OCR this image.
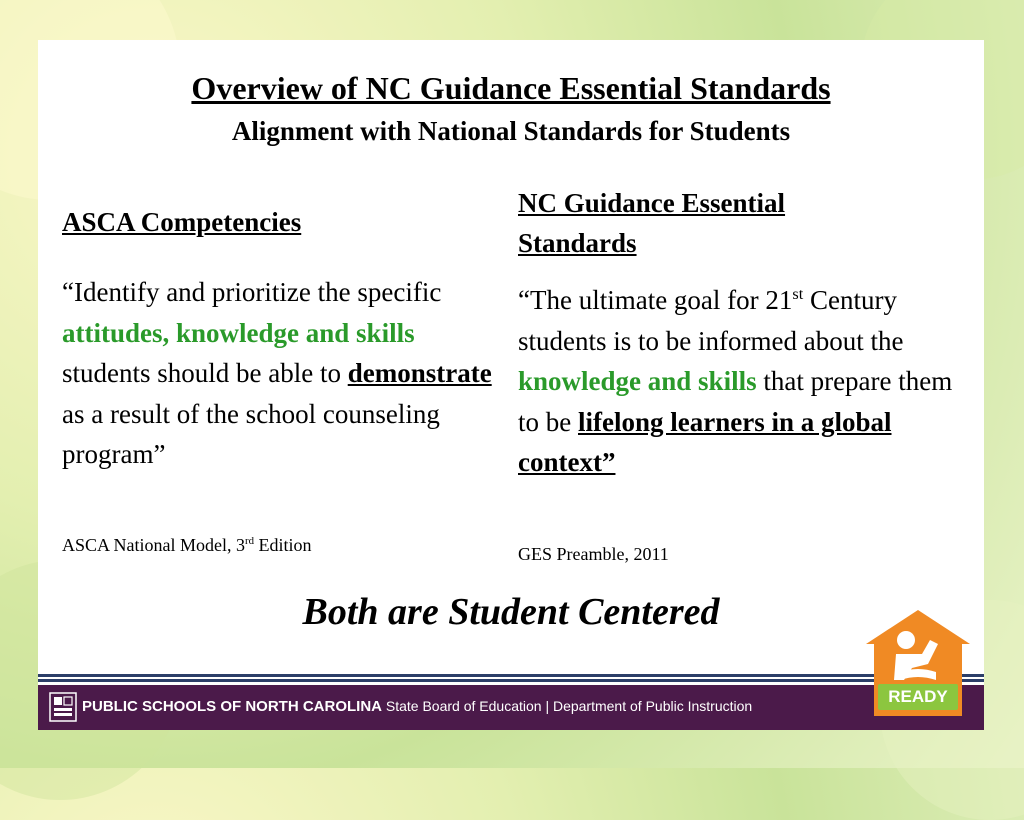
Overview of NC Guidance Essential Standards
Alignment with National Standards for Students
ASCA Competencies
“Identify and prioritize the specific attitudes, knowledge and skills students should be able to demonstrate as a result of the school counseling program”
ASCA National Model, 3rd Edition
NC Guidance Essential Standards
“The ultimate goal for 21st Century students is to be informed about the knowledge and skills that prepare them to be lifelong learners in a global context”
GES Preamble, 2011
Both are Student Centered
PUBLIC SCHOOLS OF NORTH CAROLINA State Board of Education | Department of Public Instruction	READY
